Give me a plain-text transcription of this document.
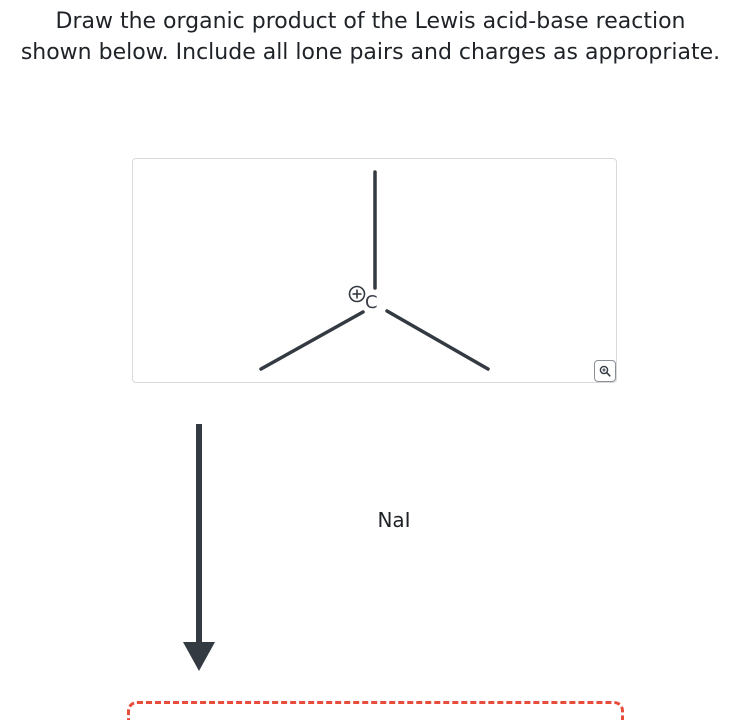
Draw the organic product of the Lewis acid-base reaction
shown below. Include all lone pairs and charges as appropriate.
C
NaI
